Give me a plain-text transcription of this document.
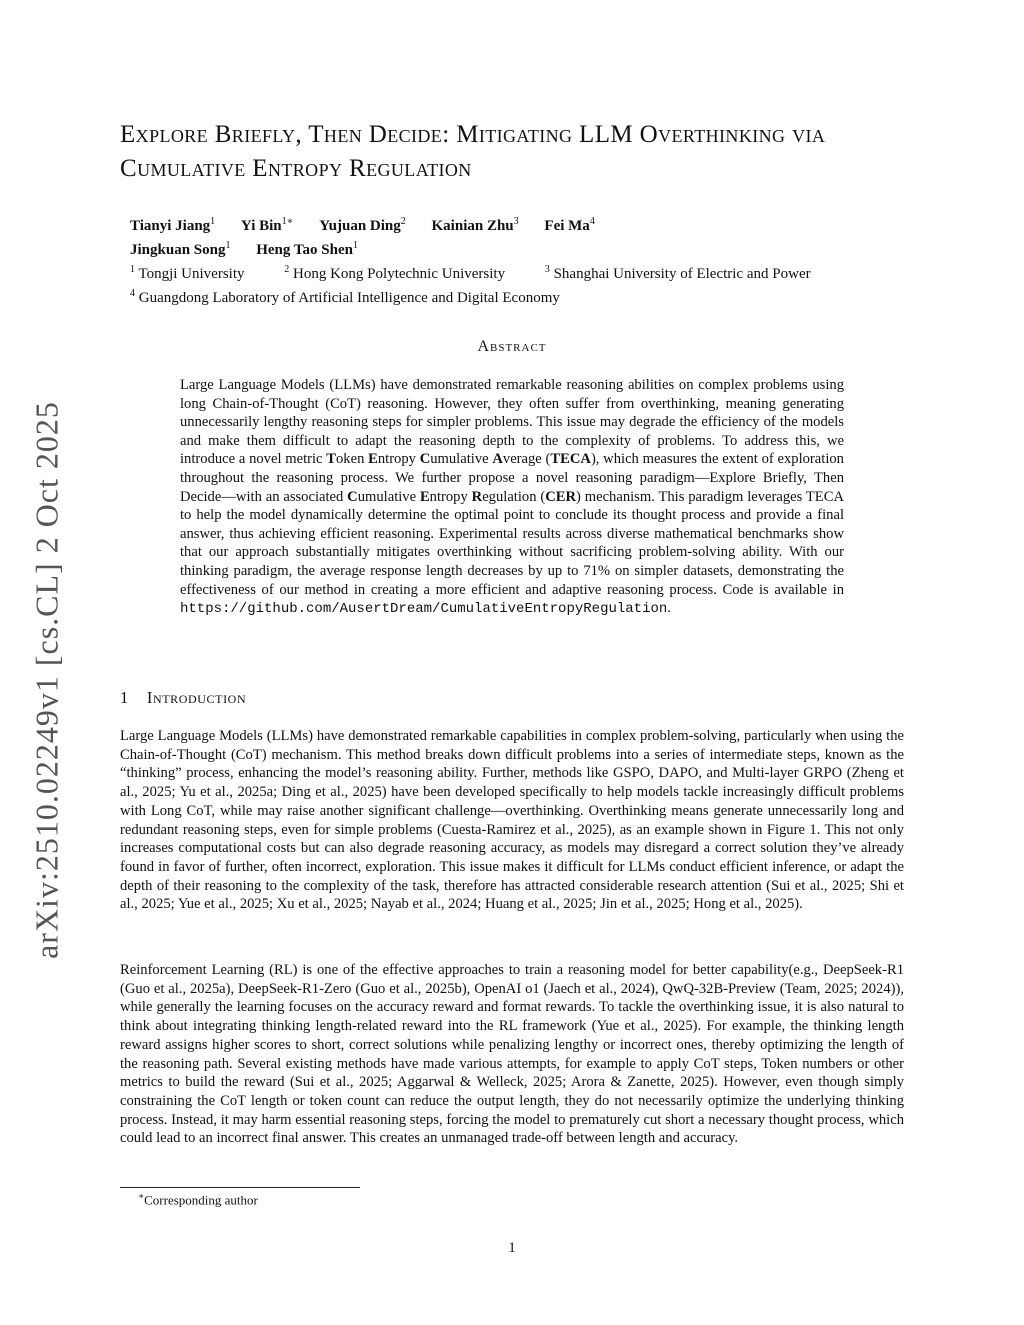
arXiv:2510.02249v1 [cs.CL] 2 Oct 2025
Explore Briefly, Then Decide: Mitigating LLM Overthinking via Cumulative Entropy Regulation
Tianyi Jiang$^1$ Yi Bin$^{1∗}$ Yujuan Ding$^2$ Kainian Zhu$^3$ Fei Ma$^4$
Jingkuan Song$^1$ Heng Tao Shen$^1$
$^1$ Tongji University	$^2$ Hong Kong Polytechnic University	$^3$ Shanghai University of Electric and Power
$^4$ Guangdong Laboratory of Artificial Intelligence and Digital Economy
Abstract

Large Language Models (LLMs) have demonstrated remarkable reasoning abilities on complex problems using long Chain-of-Thought (CoT) reasoning. However, they often suffer from overthinking, meaning generating unnecessarily lengthy reasoning steps for simpler problems. This issue may degrade the efficiency of the models and make them difficult to adapt the reasoning depth to the complexity of problems. To address this, we introduce a novel metric Token Entropy Cumulative Average (TECA), which measures the extent of exploration throughout the reasoning process. We further propose a novel reasoning paradigm—Explore Briefly, Then Decide—with an associated Cumulative Entropy Regulation (CER) mechanism. This paradigm leverages TECA to help the model dynamically determine the optimal point to conclude its thought process and provide a final answer, thus achieving efficient reasoning. Experimental results across diverse mathematical benchmarks show that our approach substantially mitigates overthinking without sacrificing problem-solving ability. With our thinking paradigm, the average response length decreases by up to 71% on simpler datasets, demonstrating the effectiveness of our method in creating a more efficient and adaptive reasoning process. Code is available in https://github.com/AusertDream/CumulativeEntropyRegulation.

1 Introduction

Large Language Models (LLMs) have demonstrated remarkable capabilities in complex problem-solving, particularly when using the Chain-of-Thought (CoT) mechanism. This method breaks down difficult problems into a series of intermediate steps, known as the “thinking” process, enhancing the model’s reasoning ability. Further, methods like GSPO, DAPO, and Multi-layer GRPO (Zheng et al., 2025; Yu et al., 2025a; Ding et al., 2025) have been developed specifically to help models tackle increasingly difficult problems with Long CoT, while may raise another significant challenge—overthinking. Overthinking means generate unnecessarily long and redundant reasoning steps, even for simple problems (Cuesta-Ramirez et al., 2025), as an example shown in Figure 1. This not only increases computational costs but can also degrade reasoning accuracy, as models may disregard a correct solution they’ve already found in favor of further, often incorrect, exploration. This issue makes it difficult for LLMs conduct efficient inference, or adapt the depth of their reasoning to the complexity of the task, therefore has attracted considerable research attention (Sui et al., 2025; Shi et al., 2025; Yue et al., 2025; Xu et al., 2025; Nayab et al., 2024; Huang et al., 2025; Jin et al., 2025; Hong et al., 2025).

Reinforcement Learning (RL) is one of the effective approaches to train a reasoning model for better capability(e.g., DeepSeek-R1 (Guo et al., 2025a), DeepSeek-R1-Zero (Guo et al., 2025b), OpenAI o1 (Jaech et al., 2024), QwQ-32B-Preview (Team, 2025; 2024)), while generally the learning focuses on the accuracy reward and format rewards. To tackle the overthinking issue, it is also natural to think about integrating thinking length-related reward into the RL framework (Yue et al., 2025). For example, the thinking length reward assigns higher scores to short, correct solutions while penalizing lengthy or incorrect ones, thereby optimizing the length of the reasoning path. Several existing methods have made various attempts, for example to apply CoT steps, Token numbers or other metrics to build the reward (Sui et al., 2025; Aggarwal & Welleck, 2025; Arora & Zanette, 2025). However, even though simply constraining the CoT length or token count can reduce the output length, they do not necessarily optimize the underlying thinking process. Instead, it may harm essential reasoning steps, forcing the model to prematurely cut short a necessary thought process, which could lead to an incorrect final answer. This creates an unmanaged trade-off between length and accuracy.

∗Corresponding author
1
